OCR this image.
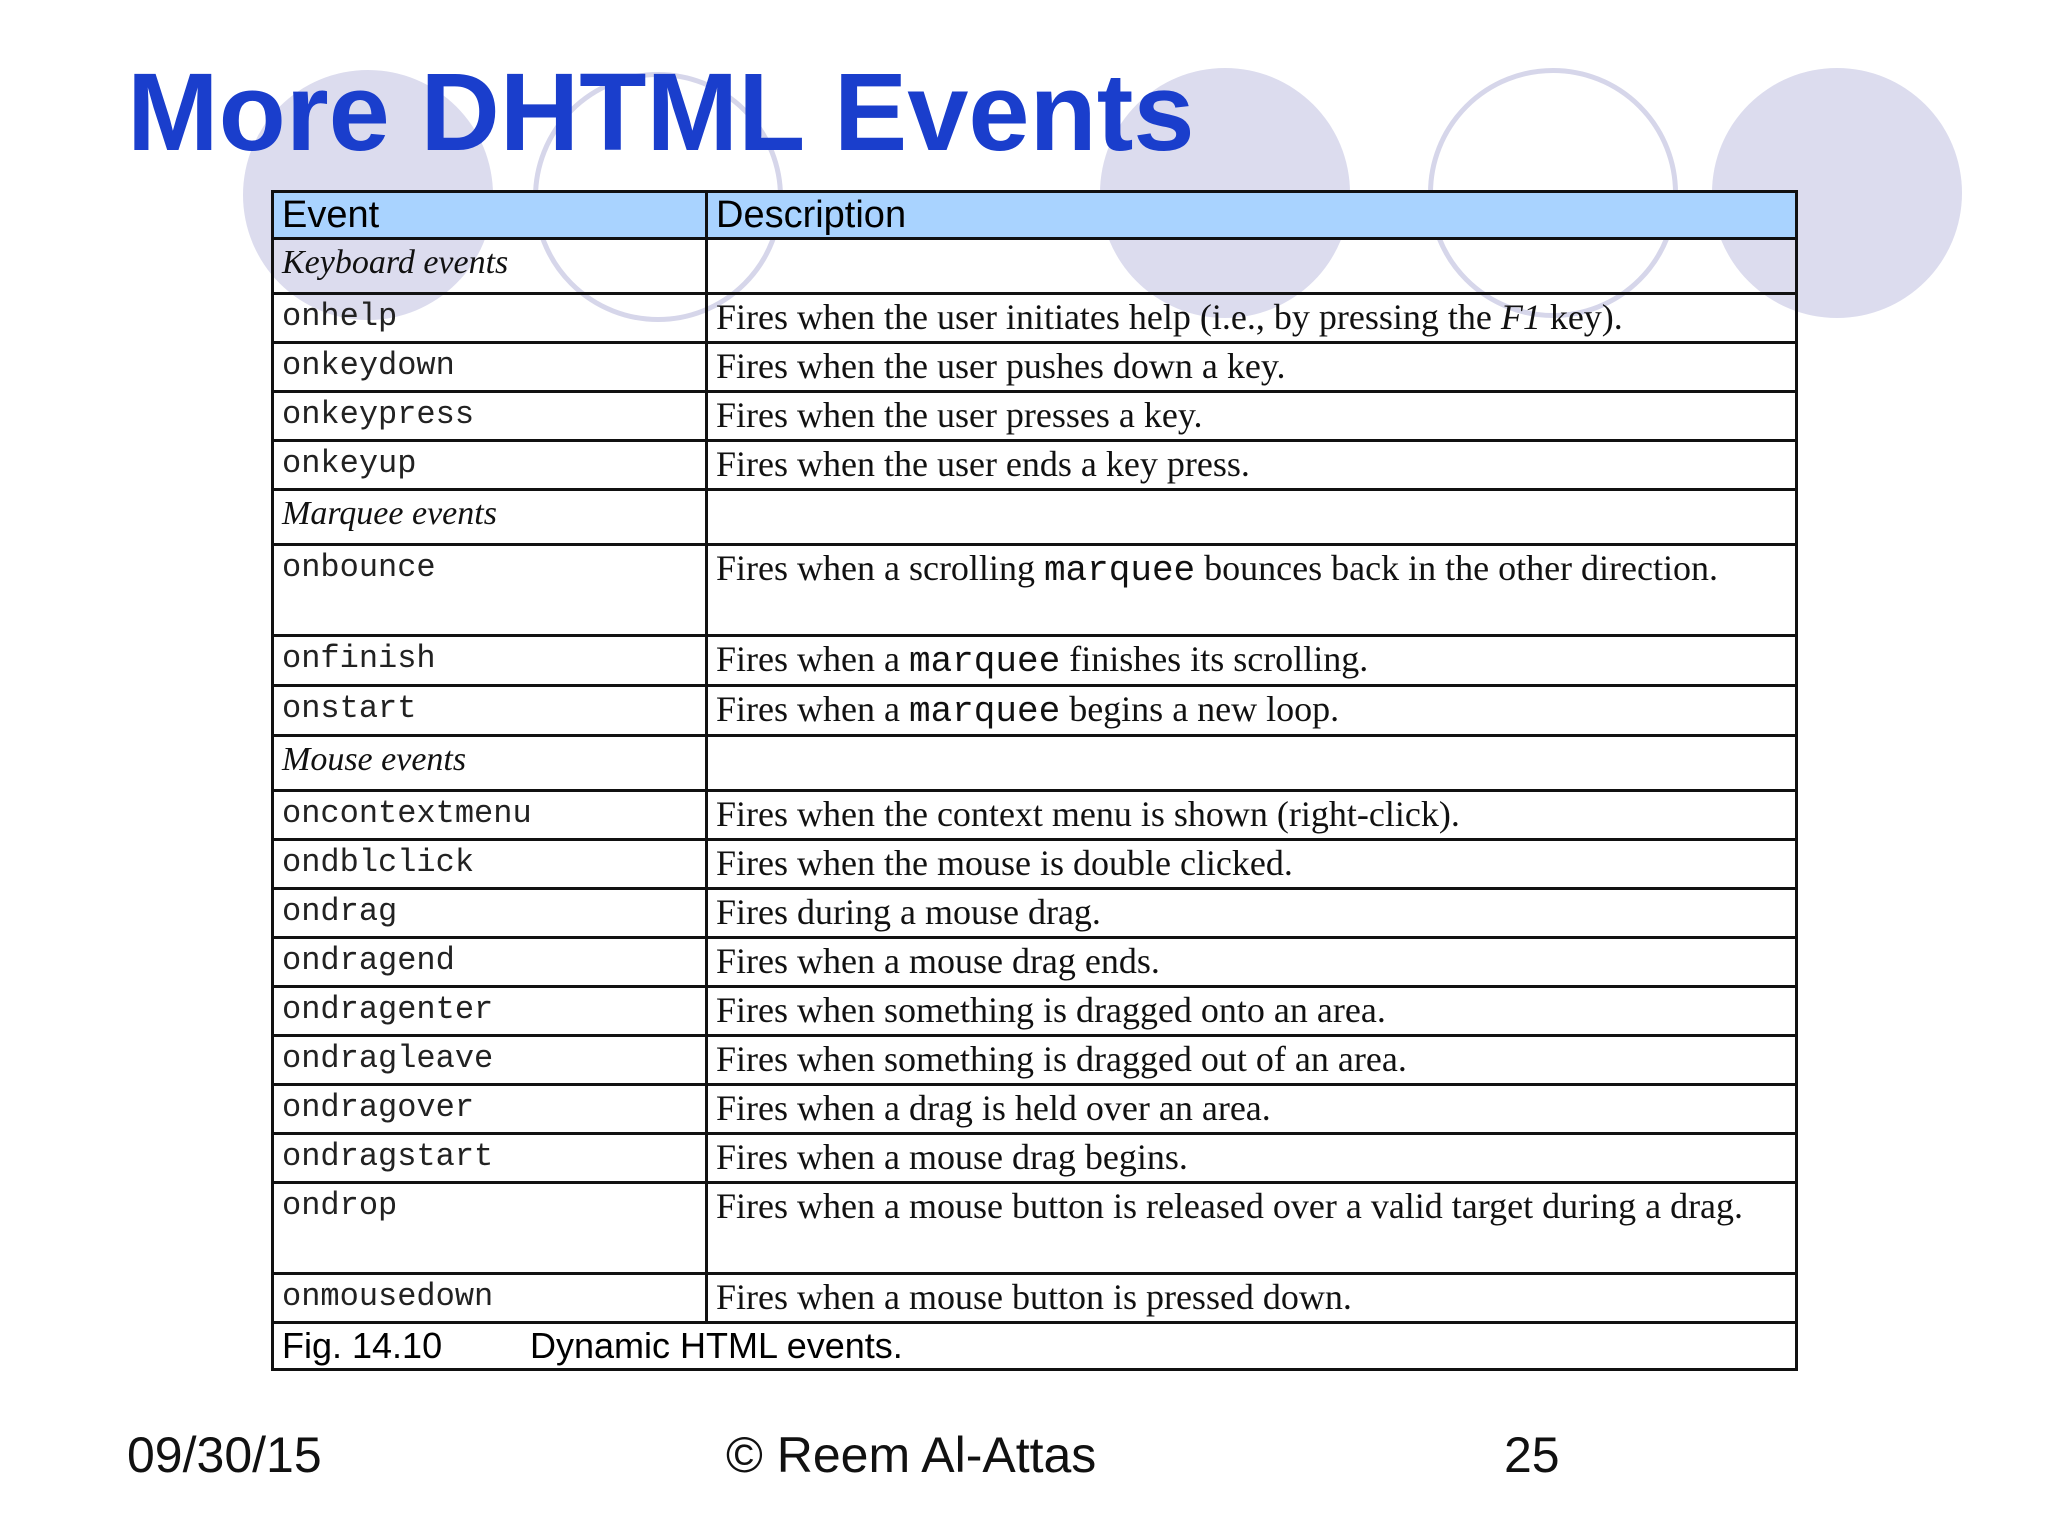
More DHTML Events
Event	Description
Keyboard events	
onhelp	Fires when the user initiates help (i.e., by pressing the F1 key).
onkeydown	Fires when the user pushes down a key.
onkeypress	Fires when the user presses a key.
onkeyup	Fires when the user ends a key press.
Marquee events	
onbounce	Fires when a scrolling marquee bounces back in the other direction.
onfinish	Fires when a marquee finishes its scrolling.
onstart	Fires when a marquee begins a new loop.
Mouse events	
oncontextmenu	Fires when the context menu is shown (right-click).
ondblclick	Fires when the mouse is double clicked.
ondrag	Fires during a mouse drag.
ondragend	Fires when a mouse drag ends.
ondragenter	Fires when something is dragged onto an area.
ondragleave	Fires when something is dragged out of an area.
ondragover	Fires when a drag is held over an area.
ondragstart	Fires when a mouse drag begins.
ondrop	Fires when a mouse button is released over a valid target during a drag.
onmousedown	Fires when a mouse button is pressed down.
Fig. 14.10 Dynamic HTML events.	
09/30/15	© Reem Al-Attas	25
